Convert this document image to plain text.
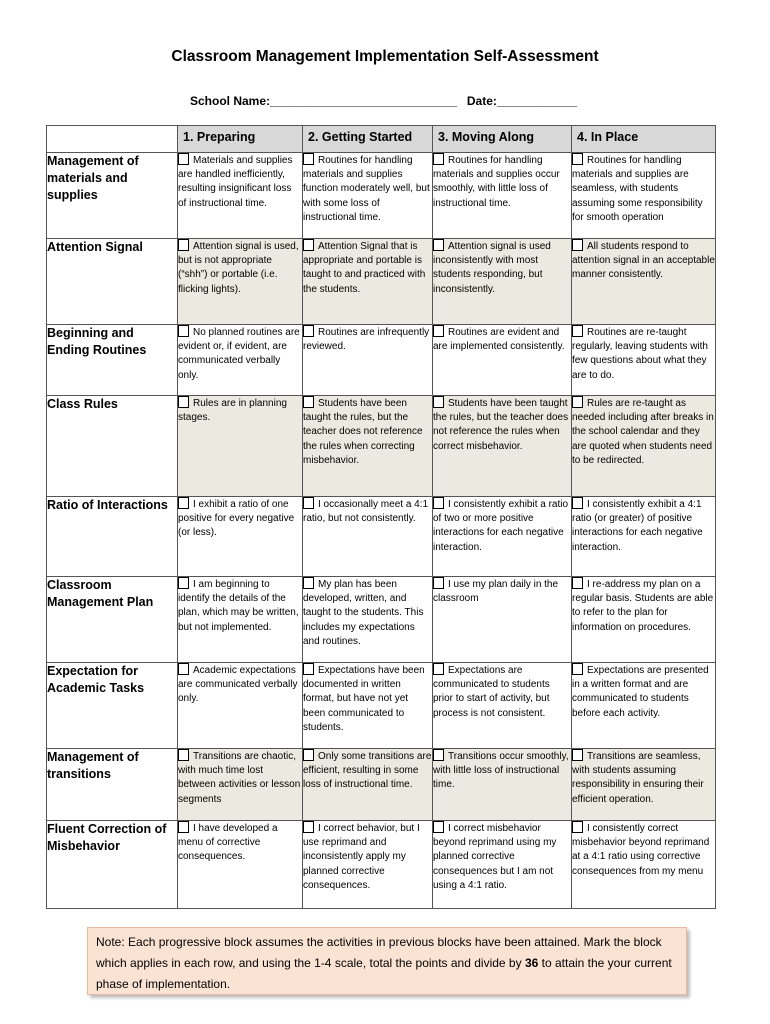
Classroom Management Implementation Self-Assessment
School Name:____________________________   Date:____________
	1. Preparing	2. Getting Started	3. Moving Along	4. In Place
Management of materials and supplies	Materials and supplies are handled inefficiently, resulting insignificant loss of instructional time.	Routines for handling materials and supplies function moderately well, but with some loss of instructional time.	Routines for handling materials and supplies occur smoothly, with little loss of instructional time.	Routines for handling materials and supplies are seamless, with students assuming some responsibility for smooth operation
Attention Signal	Attention signal is used, but is not appropriate (“shh”) or portable (i.e. flicking lights).	Attention Signal that is appropriate and portable is taught to and practiced with the students.	Attention signal is used inconsistently with most students responding, but inconsistently.	All students respond to attention signal in an acceptable manner consistently.
Beginning and Ending Routines	No planned routines are evident or, if evident, are communicated verbally only.	Routines are infrequently reviewed.	Routines are evident and are implemented consistently.	Routines are re-taught regularly, leaving students with few questions about what they are to do.
Class Rules	Rules are in planning stages.	Students have been taught the rules, but the teacher does not reference the rules when correcting misbehavior.	Students have been taught the rules, but the teacher does not reference the rules when correct misbehavior.	Rules are re-taught as needed including after breaks in the school calendar and they are quoted when students need to be redirected.
Ratio of Interactions	I exhibit a ratio of one positive for every negative (or less).	I occasionally meet a 4:1 ratio, but not consistently.	I consistently exhibit a ratio of two or more positive interactions for each negative interaction.	I consistently exhibit a 4:1 ratio (or greater) of positive interactions for each negative interaction.
Classroom Management Plan	I am beginning to identify the details of the plan, which may be written, but not implemented.	My plan has been developed, written, and taught to the students. This includes my expectations and routines.	I use my plan daily in the classroom	I re-address my plan on a regular basis. Students are able to refer to the plan for information on procedures.
Expectation for Academic Tasks	Academic expectations are communicated verbally only.	Expectations have been documented in written format, but have not yet been communicated to students.	Expectations are communicated to students prior to start of activity, but process is not consistent.	Expectations are presented in a written format and are communicated to students before each activity.
Management of transitions	Transitions are chaotic, with much time lost between activities or lesson segments	Only some transitions are efficient, resulting in some loss of instructional time.	Transitions occur smoothly, with little loss of instructional time.	Transitions are seamless, with students assuming responsibility in ensuring their efficient operation.
Fluent Correction of Misbehavior	I have developed a menu of corrective consequences.	I correct behavior, but I use reprimand and inconsistently apply my planned corrective consequences.	I correct misbehavior beyond reprimand using my planned corrective consequences but I am not using a 4:1 ratio.	I consistently correct misbehavior beyond reprimand at a 4:1 ratio using corrective consequences from my menu
Note: Each progressive block assumes the activities in previous blocks have been attained. Mark the block which applies in each row, and using the 1-4 scale, total the points and divide by 36 to attain the your current phase of implementation.
